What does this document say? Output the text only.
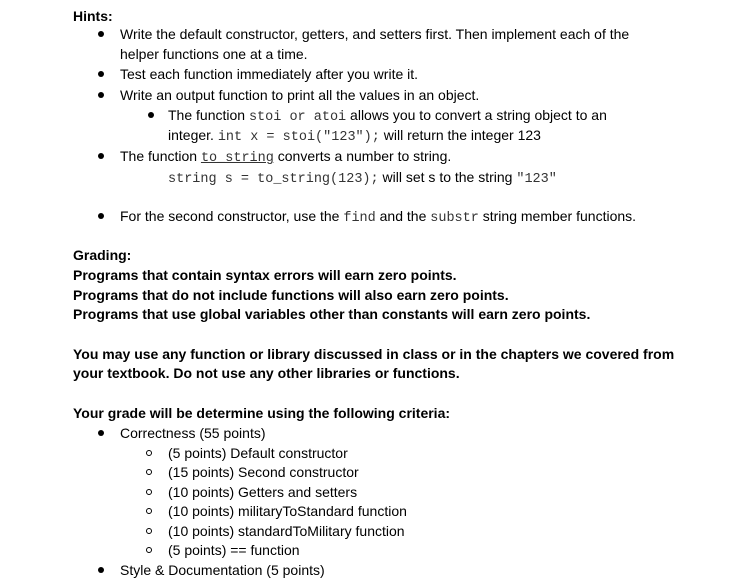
Hints:
Write the default constructor, getters, and setters first. Then implement each of the
helper functions one at a time.
Test each function immediately after you write it.
Write an output function to print all the values in an object.
The function stoi or atoi allows you to convert a string object to an
integer. int x = stoi("123"); will return the integer 123
The function to_string converts a number to string.
string s = to_string(123); will set s to the string "123"
For the second constructor, use the find and the substr string member functions.
Grading:
Programs that contain syntax errors will earn zero points.
Programs that do not include functions will also earn zero points.
Programs that use global variables other than constants will earn zero points.
You may use any function or library discussed in class or in the chapters we covered from
your textbook. Do not use any other libraries or functions.
Your grade will be determine using the following criteria:
Correctness (55 points)
(5 points) Default constructor
(15 points) Second constructor
(10 points) Getters and setters
(10 points) militaryToStandard function
(10 points) standardToMilitary function
(5 points) == function
Style & Documentation (5 points)
